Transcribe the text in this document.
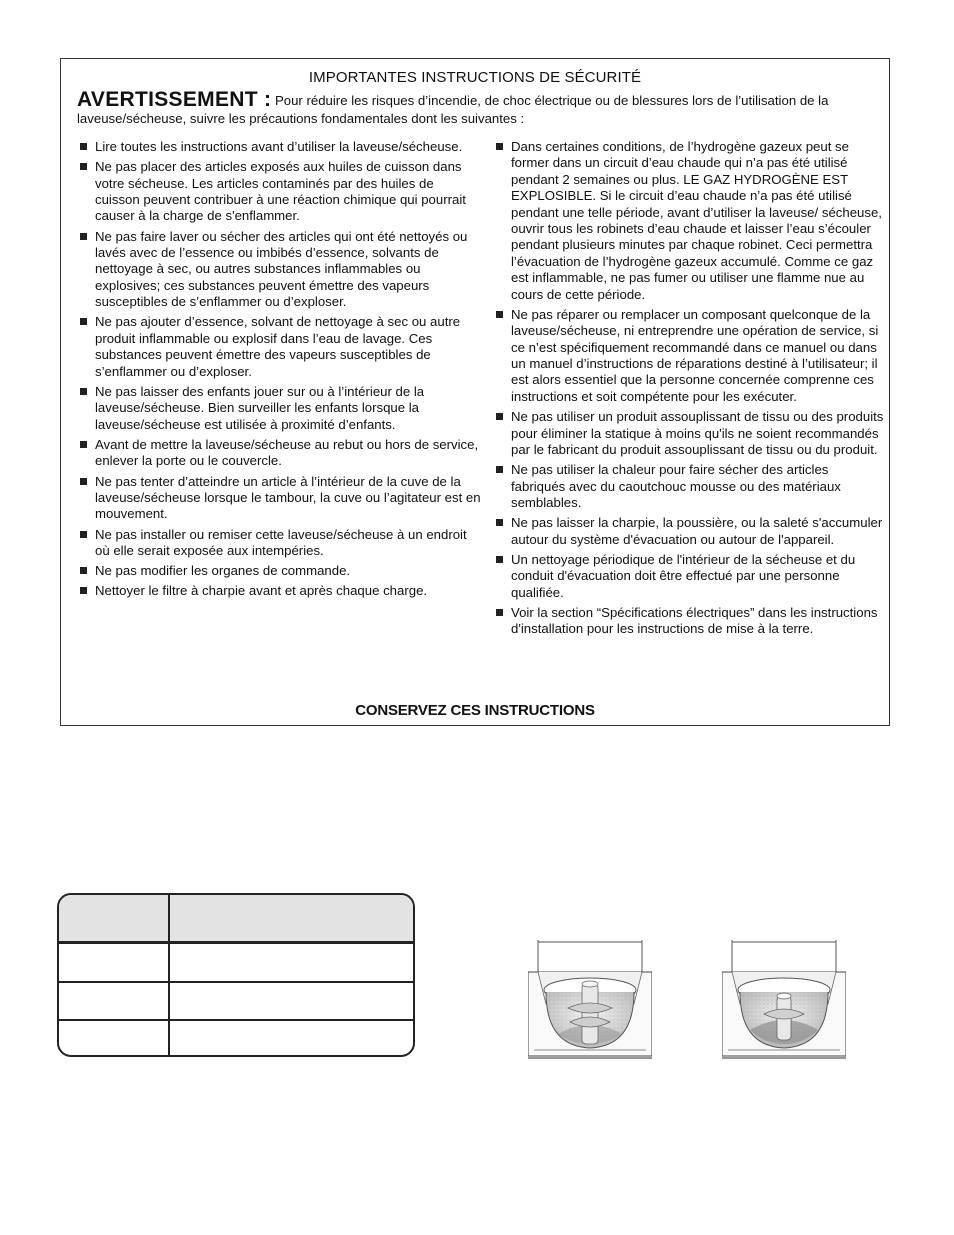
IMPORTANTES INSTRUCTIONS DE SÉCURITÉ
AVERTISSEMENT : Pour réduire les risques d’incendie, de choc électrique ou de blessures lors de l’utilisation de la laveuse/sécheuse, suivre les précautions fondamentales dont les suivantes :
Lire toutes les instructions avant d’utiliser la laveuse/sécheuse.
Ne pas placer des articles exposés aux huiles de cuisson dans votre sécheuse. Les articles contaminés par des huiles de cuisson peuvent contribuer à une réaction chimique qui pourrait causer à la charge de s'enflammer.
Ne pas faire laver ou sécher des articles qui ont été nettoyés ou lavés avec de l’essence ou imbibés d’essence, solvants de nettoyage à sec, ou autres substances inflammables ou explosives; ces substances peuvent émettre des vapeurs susceptibles de s’enflammer ou d’exploser.
Ne pas ajouter d’essence, solvant de nettoyage à sec ou autre produit inflammable ou explosif dans l’eau de lavage. Ces substances peuvent émettre des vapeurs susceptibles de s’enflammer ou d’exploser.
Ne pas laisser des enfants jouer sur ou à l’intérieur de la laveuse/sécheuse. Bien surveiller les enfants lorsque la laveuse/sécheuse est utilisée à proximité d’enfants.
Avant de mettre la laveuse/sécheuse au rebut ou hors de service, enlever la porte ou le couvercle.
Ne pas tenter d’atteindre un article à l’intérieur de la cuve de la laveuse/sécheuse lorsque le tambour, la cuve ou l’agitateur est en mouvement.
Ne pas installer ou remiser cette laveuse/sécheuse à un endroit où elle serait exposée aux intempéries.
Ne pas modifier les organes de commande.
Nettoyer le filtre à charpie avant et après chaque charge.
Dans certaines conditions, de l’hydrogène gazeux peut se former dans un circuit d’eau chaude qui n’a pas été utilisé pendant 2 semaines ou plus. LE GAZ HYDROGÈNE EST EXPLOSIBLE. Si le circuit d’eau chaude n’a pas été utilisé pendant une telle période, avant d’utiliser la laveuse/ sécheuse, ouvrir tous les robinets d’eau chaude et laisser l’eau s’écouler pendant plusieurs minutes par chaque robinet. Ceci permettra l’évacuation de l’hydrogène gazeux accumulé. Comme ce gaz est inflammable, ne pas fumer ou utiliser une flamme nue au cours de cette période.
Ne pas réparer ou remplacer un composant quelconque de la laveuse/sécheuse, ni entreprendre une opération de service, si ce n’est spécifiquement recommandé dans ce manuel ou dans un manuel d’instructions de réparations destiné à l’utilisateur; il est alors essentiel que la personne concernée comprenne ces instructions et soit compétente pour les exécuter.
Ne pas utiliser un produit assouplissant de tissu ou des produits pour éliminer la statique à moins qu'ils ne soient recommandés par le fabricant du produit assouplissant de tissu ou du produit.
Ne pas utiliser la chaleur pour faire sécher des articles fabriqués avec du caoutchouc mousse ou des matériaux semblables.
Ne pas laisser la charpie, la poussière, ou la saleté s'accumuler autour du système d'évacuation ou autour de l'appareil.
Un nettoyage périodique de l'intérieur de la sécheuse et du conduit d'évacuation doit être effectué par une personne qualifiée.
Voir la section “Spécifications électriques” dans les instructions d'installation pour les instructions de mise à la terre.
CONSERVEZ CES INSTRUCTIONS
